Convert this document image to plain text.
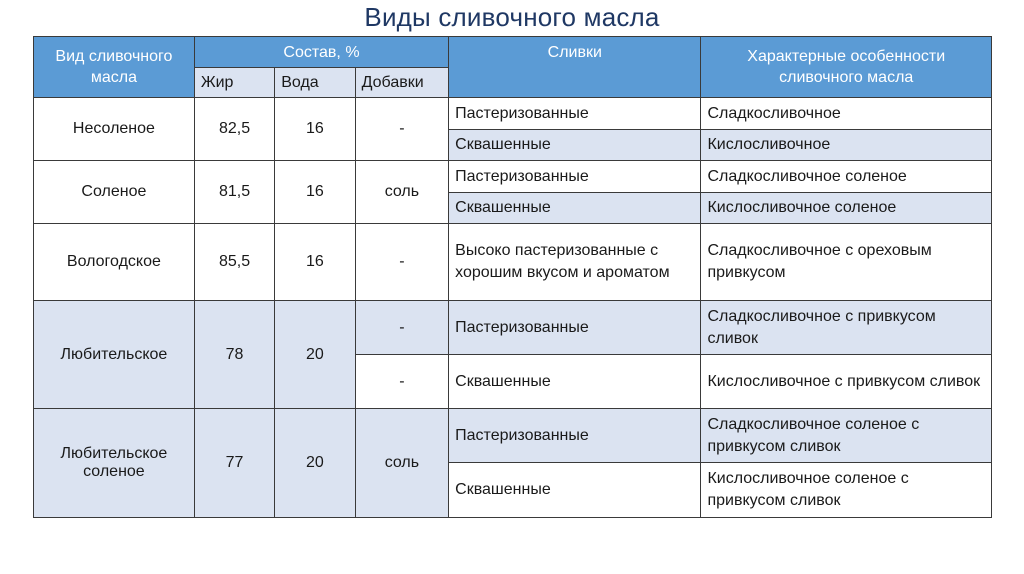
Виды сливочного масла
Вид сливочного масла	Состав, %			Сливки	Характерные особенности сливочного масла
	Жир	Вода	Добавки		
Несоленое	82,5	16	-	Пастеризованные	Сладкосливочное
				Сквашенные	Кислосливочное
Соленое	81,5	16	соль	Пастеризованные	Сладкосливочное соленое
				Сквашенные	Кислосливочное соленое
Вологодское	85,5	16	-	Высоко пастеризованные с хорошим вкусом и ароматом	Сладкосливочное с ореховым привкусом
Любительское	78	20	-	Пастеризованные	Сладкосливочное с привкусом сливок
			-	Сквашенные	Кислосливочное с привкусом сливок
Любительское соленое	77	20	соль	Пастеризованные	Сладкосливочное соленое с привкусом сливок
				Сквашенные	Кислосливочное соленое с привкусом сливок
